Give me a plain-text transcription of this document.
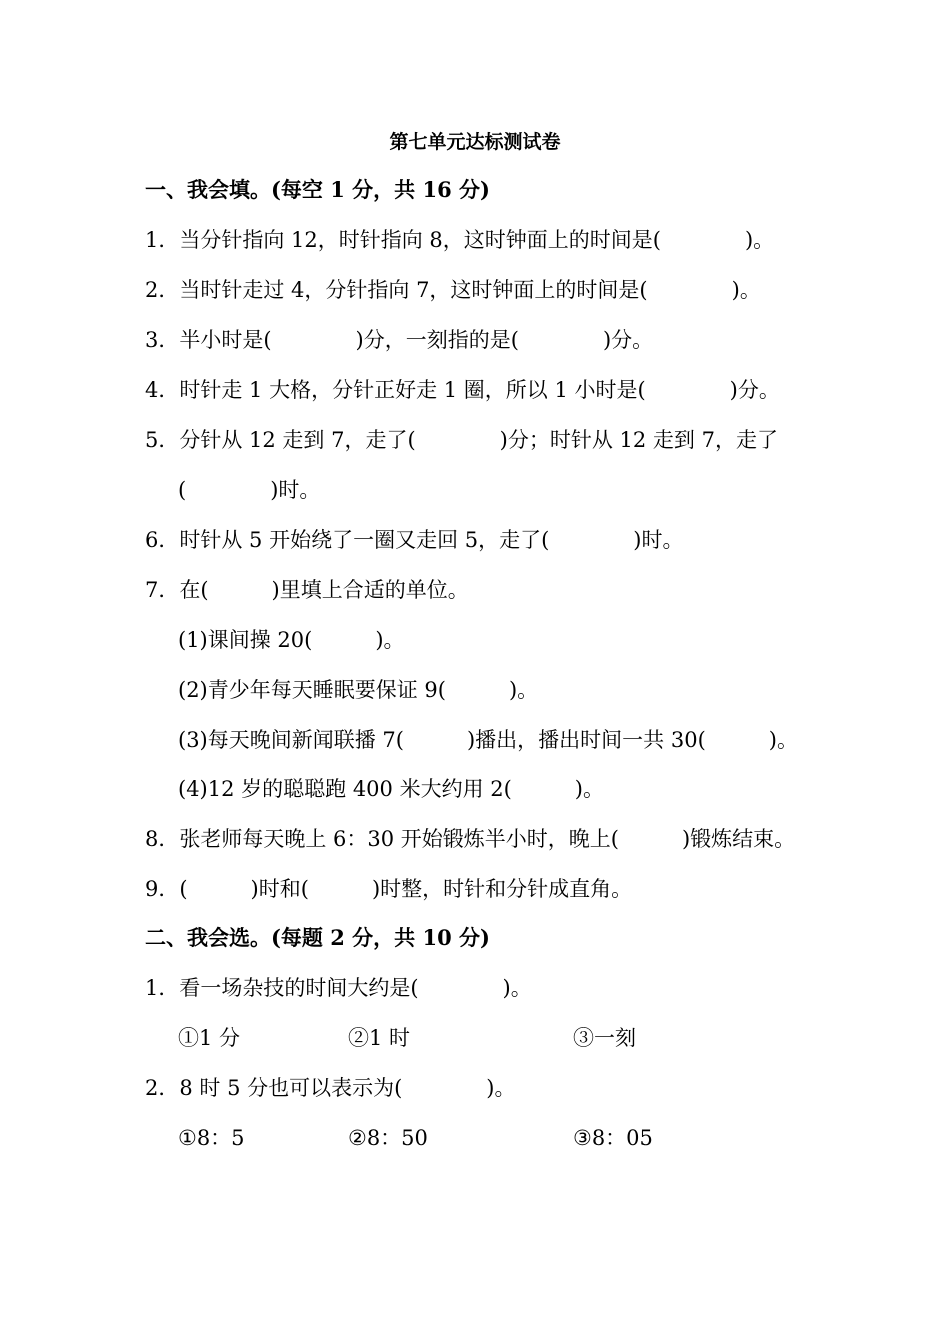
第七单元达标测试卷
一、我会填。(每空 1 分，共 16 分)
1．当分针指向 12，时针指向 8，这时钟面上的时间是(　　　　)。
2．当时针走过 4，分针指向 7，这时钟面上的时间是(　　　　)。
3．半小时是(　　　　)分，一刻指的是(　　　　)分。
4．时针走 1 大格，分针正好走 1 圈，所以 1 小时是(　　　　)分。
5．分针从 12 走到 7，走了(　　　　)分；时针从 12 走到 7，走了
(　　　　)时。
6．时针从 5 开始绕了一圈又走回 5，走了(　　　　)时。
7．在(　　　)里填上合适的单位。
(1)课间操 20(　　　)。
(2)青少年每天睡眠要保证 9(　　　)。
(3)每天晚间新闻联播 7(　　　)播出，播出时间一共 30(　　　)。
(4)12 岁的聪聪跑 400 米大约用 2(　　　)。
8．张老师每天晚上 6：30 开始锻炼半小时，晚上(　　　)锻炼结束。
9．(　　　)时和(　　　)时整，时针和分针成直角。
二、我会选。(每题 2 分，共 10 分)
1．看一场杂技的时间大约是(　　　　)。
①1 分	②1 时	③一刻
2．8 时 5 分也可以表示为(　　　　)。
①8：5	②8：50	③8：05
